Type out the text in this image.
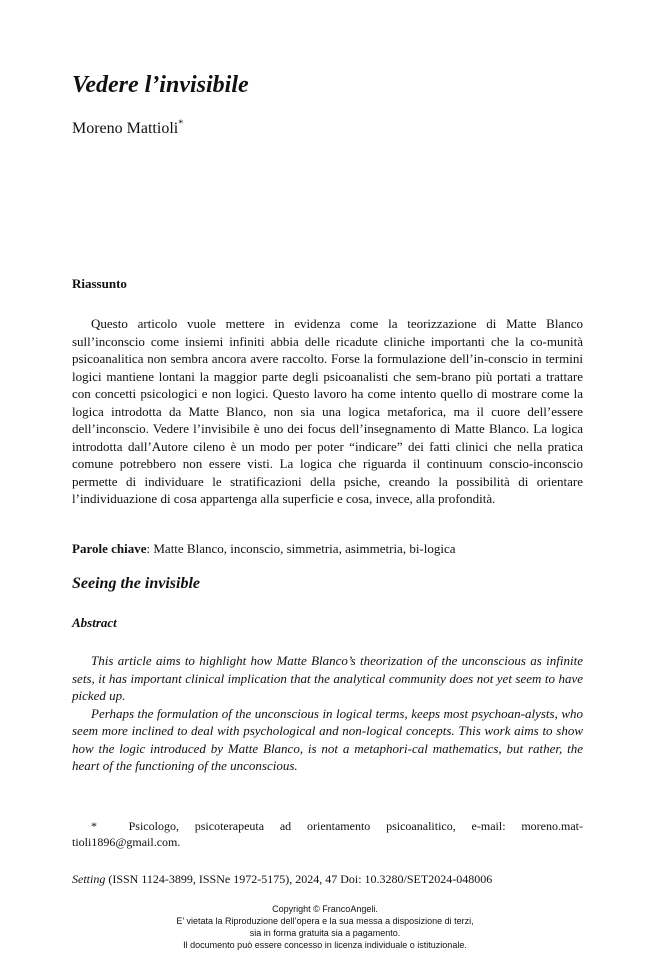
Vedere l’invisibile
Moreno Mattioli*
Riassunto

Questo articolo vuole mettere in evidenza come la teorizzazione di Matte Blanco sull’inconscio come insiemi infiniti abbia delle ricadute cliniche importanti che la co-munità psicoanalitica non sembra ancora avere raccolto. Forse la formulazione dell’in-conscio in termini logici mantiene lontani la maggior parte degli psicoanalisti che sem-brano più portati a trattare con concetti psicologici e non logici. Questo lavoro ha come intento quello di mostrare come la logica introdotta da Matte Blanco, non sia una logica metaforica, ma il cuore dell’essere dell’inconscio. Vedere l’invisibile è uno dei focus dell’insegnamento di Matte Blanco. La logica introdotta dall’Autore cileno è un modo per poter “indicare” dei fatti clinici che nella pratica comune potrebbero non essere visti. La logica che riguarda il continuum conscio-inconscio permette di individuare le stratificazioni della psiche, creando la possibilità di orientare l’individuazione di cosa appartenga alla superficie e cosa, invece, alla profondità.

Parole chiave: Matte Blanco, inconscio, simmetria, asimmetria, bi-logica

Seeing the invisible
Abstract

This article aims to highlight how Matte Blanco’s theorization of the unconscious as infinite sets, it has important clinical implication that the analytical community does not yet seem to have picked up.

Perhaps the formulation of the unconscious in logical terms, keeps most psychoan-alysts, who seem more inclined to deal with psychological and non-logical concepts. This work aims to show how the logic introduced by Matte Blanco, is not a metaphori-cal mathematics, but rather, the heart of the functioning of the unconscious.

*	Psicologo, psicoterapeuta ad orientamento psicoanalitico, e-mail: moreno.mat-tioli1896@gmail.com.

Setting (ISSN 1124-3899, ISSNe 1972-5175), 2024, 47 Doi: 10.3280/SET2024-048006
Copyright © FrancoAngeli.
E’ vietata la Riproduzione dell’opera e la sua messa a disposizione di terzi,
sia in forma gratuita sia a pagamento.
Il documento può essere concesso in licenza individuale o istituzionale.
